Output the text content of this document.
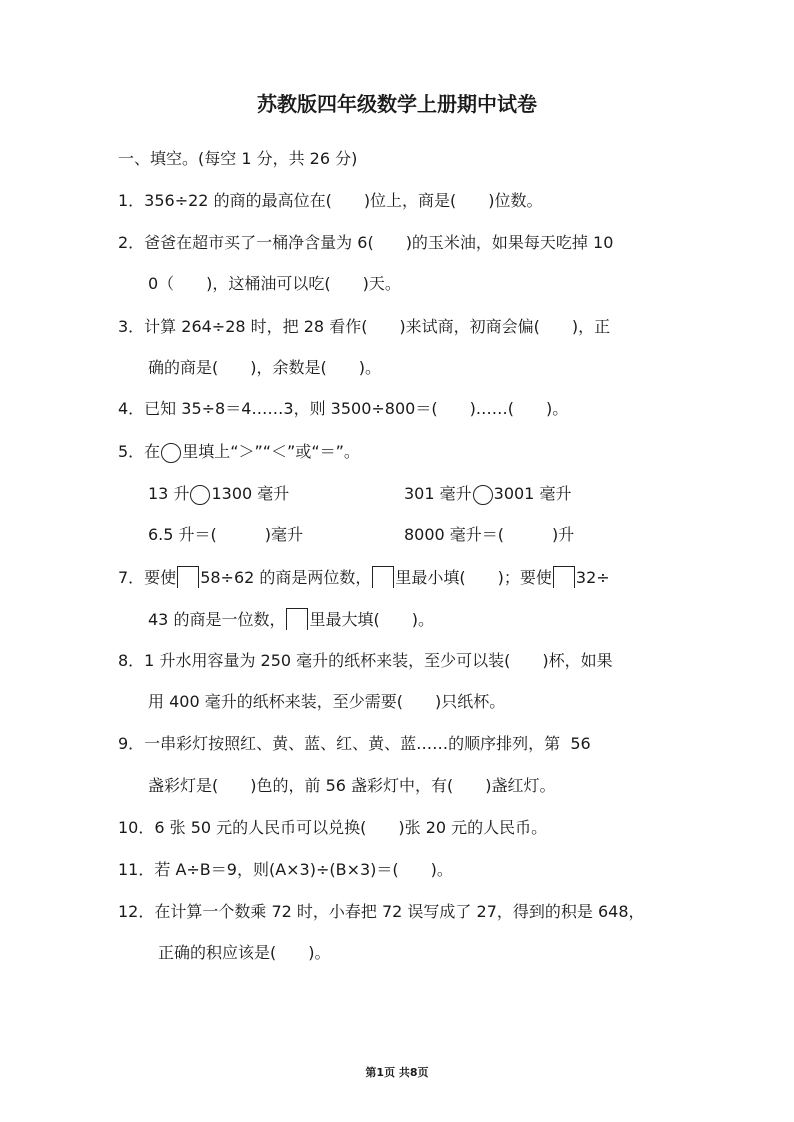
苏教版四年级数学上册期中试卷
一、填空。(每空 1 分，共 26 分)
1．356÷22 的商的最高位在(　　)位上，商是(　　)位数。
2．爸爸在超市买了一桶净含量为 6(　　)的玉米油，如果每天吃掉 10
0（　　)，这桶油可以吃(　　)天。
3．计算 264÷28 时，把 28 看作(　　)来试商，初商会偏(　　)，正
确的商是(　　)，余数是(　　)。
4．已知 35÷8＝4……3，则 3500÷800＝(　　)……(　　)。
5．在 里填上“＞”“＜”或“＝”。
13 升 1300 毫升	301 毫升 3001 毫升
6.5 升＝(　　　)毫升	8000 毫升＝(　　　)升
7．要使 58÷62 的商是两位数， 里最小填(　　)；要使 32÷
43 的商是一位数， 里最大填(　　)。
8．1 升水用容量为 250 毫升的纸杯来装，至少可以装(　　)杯，如果
用 400 毫升的纸杯来装，至少需要(　　)只纸杯。
9．一串彩灯按照红、黄、蓝、红、黄、蓝……的顺序排列，第  56
盏彩灯是(　　)色的，前 56 盏彩灯中，有(　　)盏红灯。
10．6 张 50 元的人民币可以兑换(　　)张 20 元的人民币。
11．若 A÷B＝9，则(A×3)÷(B×3)＝(　　)。
12．在计算一个数乘 72 时，小春把 72 误写成了 27，得到的积是 648，
正确的积应该是(　　)。
第1页 共8页
